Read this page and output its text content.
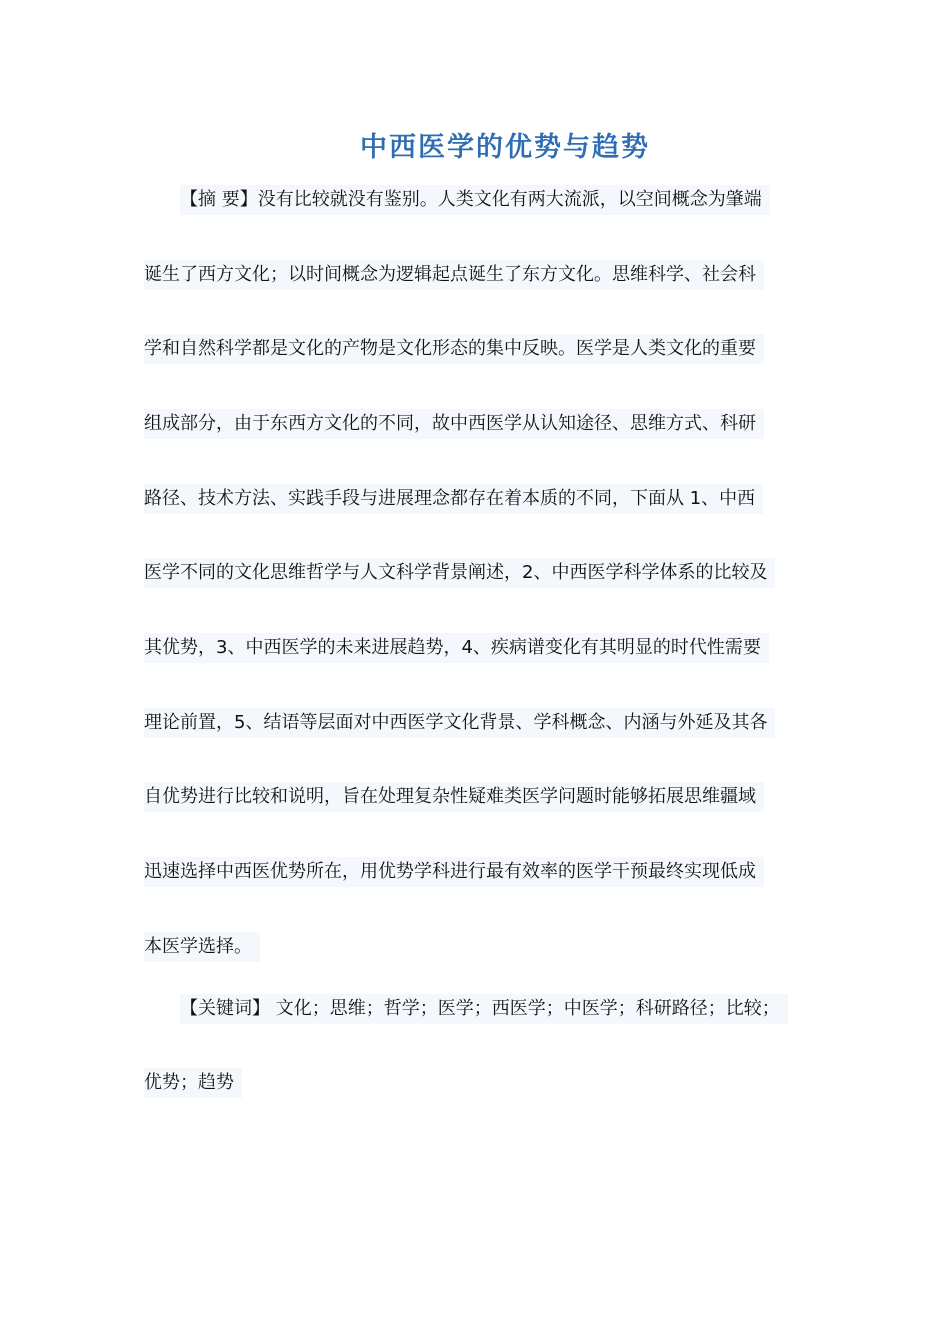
中西医学的优势与趋势
【摘 要】没有比较就没有鉴别。人类文化有两大流派，以空间概念为肇端
诞生了西方文化；以时间概念为逻辑起点诞生了东方文化。思维科学、社会科
学和自然科学都是文化的产物是文化形态的集中反映。医学是人类文化的重要
组成部分，由于东西方文化的不同，故中西医学从认知途径、思维方式、科研
路径、技术方法、实践手段与进展理念都存在着本质的不同，下面从 1、中西
医学不同的文化思维哲学与人文科学背景阐述，2、中西医学科学体系的比较及
其优势，3、中西医学的未来进展趋势，4、疾病谱变化有其明显的时代性需要
理论前置，5、结语等层面对中西医学文化背景、学科概念、内涵与外延及其各
自优势进行比较和说明，旨在处理复杂性疑难类医学问题时能够拓展思维疆域
迅速选择中西医优势所在，用优势学科进行最有效率的医学干预最终实现低成
本医学选择。
【关键词】 文化；思维；哲学；医学；西医学；中医学；科研路径；比较；
优势；趋势
